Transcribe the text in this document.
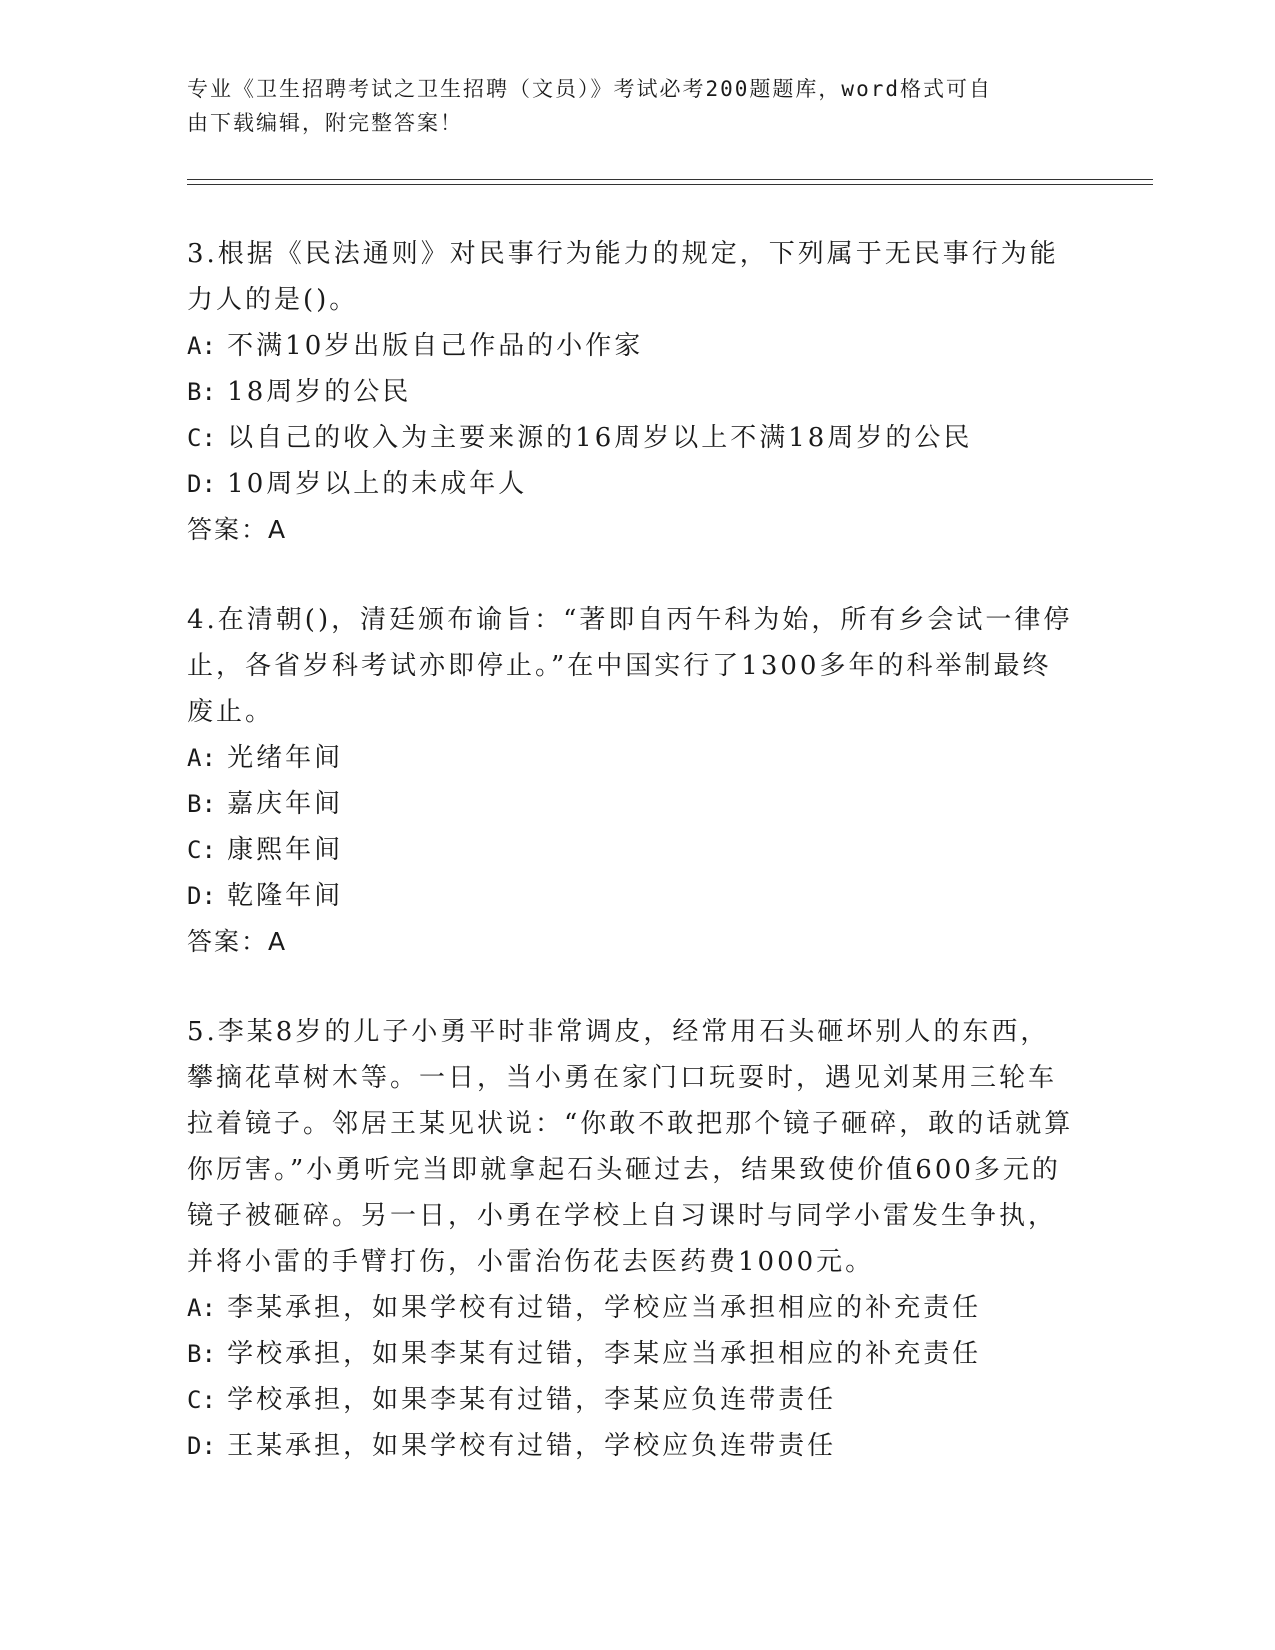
专业《卫生招聘考试之卫生招聘（文员）》考试必考200题题库，word格式可自
由下载编辑，附完整答案！
3.根据《民法通则》对民事行为能力的规定，下列属于无民事行为能力人的是()。
A: 不满10岁出版自己作品的小作家
B: 18周岁的公民
C: 以自己的收入为主要来源的16周岁以上不满18周岁的公民
D: 10周岁以上的未成年人
答案：A
4.在清朝()，清廷颁布谕旨：“著即自丙午科为始，所有乡会试一律停止，各省岁科考试亦即停止。”在中国实行了1300多年的科举制最终废止。
A: 光绪年间
B: 嘉庆年间
C: 康熙年间
D: 乾隆年间
答案：A
5.李某8岁的儿子小勇平时非常调皮，经常用石头砸坏别人的东西，攀摘花草树木等。一日，当小勇在家门口玩耍时，遇见刘某用三轮车拉着镜子。邻居王某见状说：“你敢不敢把那个镜子砸碎，敢的话就算你厉害。”小勇听完当即就拿起石头砸过去，结果致使价值600多元的镜子被砸碎。另一日，小勇在学校上自习课时与同学小雷发生争执，并将小雷的手臂打伤，小雷治伤花去医药费1000元。
A: 李某承担，如果学校有过错，学校应当承担相应的补充责任
B: 学校承担，如果李某有过错，李某应当承担相应的补充责任
C: 学校承担，如果李某有过错，李某应负连带责任
D: 王某承担，如果学校有过错，学校应负连带责任
